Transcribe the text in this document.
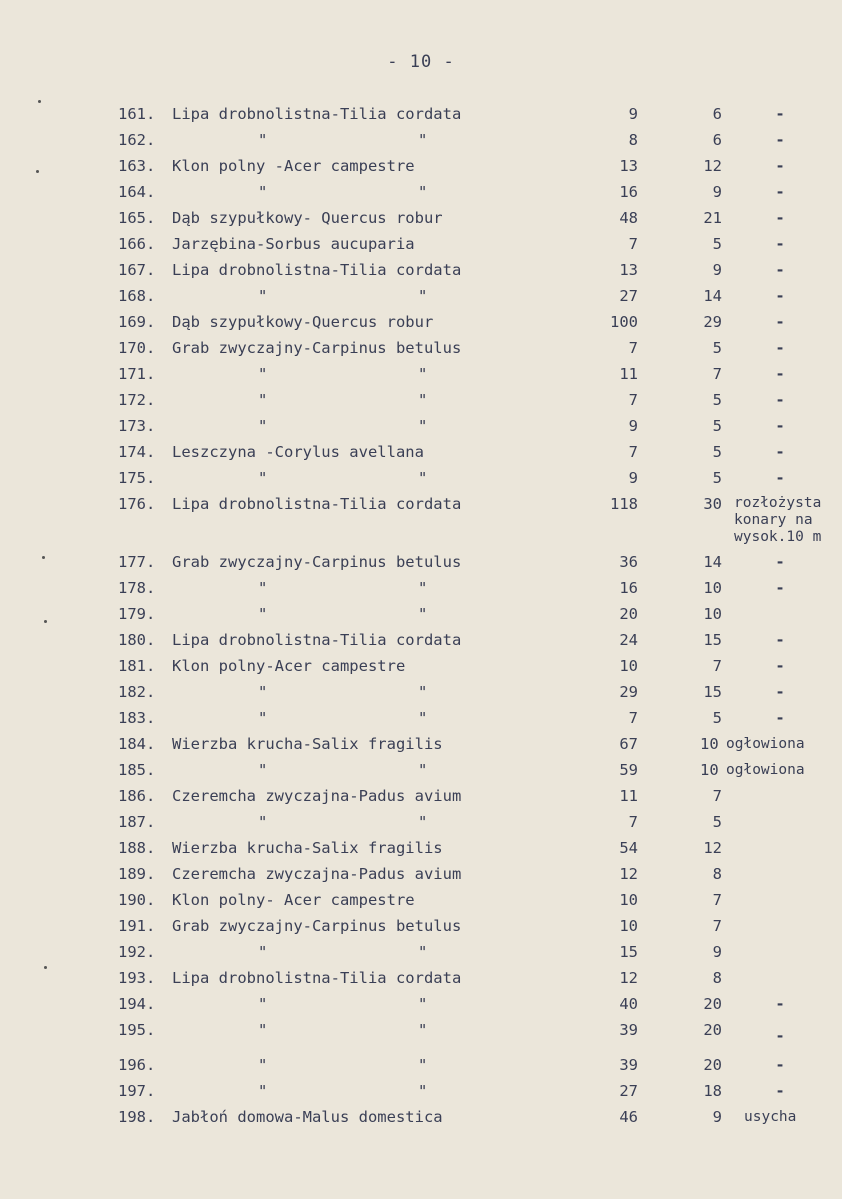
- 10 -
161.	Lipa drobnolistna-Tilia cordata	9	6	-
162.	"	"	8	6	-
163.	Klon polny -Acer campestre	13	12	-
164.	"	"	16	9	-
165.	Dąb szypułkowy- Quercus robur	48	21	-
166.	Jarzębina-Sorbus aucuparia	7	5	-
167.	Lipa drobnolistna-Tilia cordata	13	9	-
168.	"	"	27	14	-
169.	Dąb szypułkowy-Quercus robur	100	29	-
170.	Grab zwyczajny-Carpinus betulus	7	5	-
171.	"	"	11	7	-
172.	"	"	7	5	-
173.	"	"	9	5	-
174.	Leszczyna -Corylus avellana	7	5	-
175.	"	"	9	5	-
176.	Lipa drobnolistna-Tilia cordata	118	30 rozłożysta konary na wysok.10 m
177.	Grab zwyczajny-Carpinus betulus	36	14	-
178.	"	"	16	10	-
179.	"	"	20	10
180.	Lipa drobnolistna-Tilia cordata	24	15	-
181.	Klon polny-Acer campestre	10	7	-
182.	"	"	29	15	-
183.	"	"	7	5	-
184.	Wierzba krucha-Salix fragilis	67	10 ogłowiona
185.	"	"	59	10 ogłowiona
186.	Czeremcha zwyczajna-Padus avium	11	7
187.	"	"	7	5
188.	Wierzba krucha-Salix fragilis	54	12
189.	Czeremcha zwyczajna-Padus avium	12	8
190.	Klon polny- Acer campestre	10	7
191.	Grab zwyczajny-Carpinus betulus	10	7
192.	"	"	15	9
193.	Lipa drobnolistna-Tilia cordata	12	8
194.	"	"	40	20	-
195.	"	"	39	20	-
196.	"	"	39	20	-
197.	"	"	27	18	-
198.	Jabłoń domowa-Malus domestica	46	9 usycha
